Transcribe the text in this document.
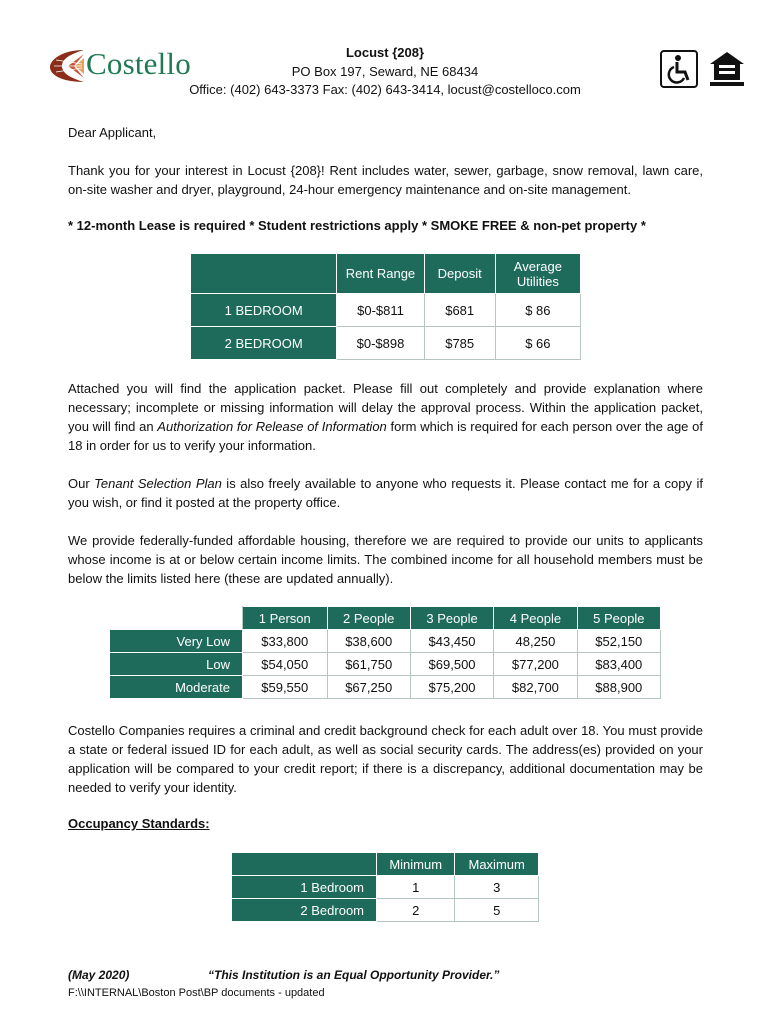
Costello	Locust {208}
PO Box 197, Seward, NE 68434
Office: (402) 643-3373 Fax: (402) 643-3414, locust@costelloco.com
Dear Applicant,
Thank you for your interest in Locust {208}! Rent includes water, sewer, garbage, snow removal, lawn care, on-site washer and dryer, playground, 24-hour emergency maintenance and on-site management.
* 12-month Lease is required * Student restrictions apply * SMOKE FREE & non-pet property *
	Rent Range	Deposit	Average Utilities
1 BEDROOM	$0-$811	$681	$ 86
2 BEDROOM	$0-$898	$785	$ 66
Attached you will find the application packet. Please fill out completely and provide explanation where necessary; incomplete or missing information will delay the approval process. Within the application packet, you will find an Authorization for Release of Information form which is required for each person over the age of 18 in order for us to verify your information.
Our Tenant Selection Plan is also freely available to anyone who requests it. Please contact me for a copy if you wish, or find it posted at the property office.
We provide federally-funded affordable housing, therefore we are required to provide our units to applicants whose income is at or below certain income limits. The combined income for all household members must be below the limits listed here (these are updated annually).
	1 Person	2 People	3 People	4 People	5 People
Very Low	$33,800	$38,600	$43,450	48,250	$52,150
Low	$54,050	$61,750	$69,500	$77,200	$83,400
Moderate	$59,550	$67,250	$75,200	$82,700	$88,900
Costello Companies requires a criminal and credit background check for each adult over 18. You must provide a state or federal issued ID for each adult, as well as social security cards. The address(es) provided on your application will be compared to your credit report; if there is a discrepancy, additional documentation may be needed to verify your identity.
Occupancy Standards:
	Minimum	Maximum
1 Bedroom	1	3
2 Bedroom	2	5
(May 2020)	“This Institution is an Equal Opportunity Provider.”
F:\\INTERNAL\Boston Post\BP documents - updated
